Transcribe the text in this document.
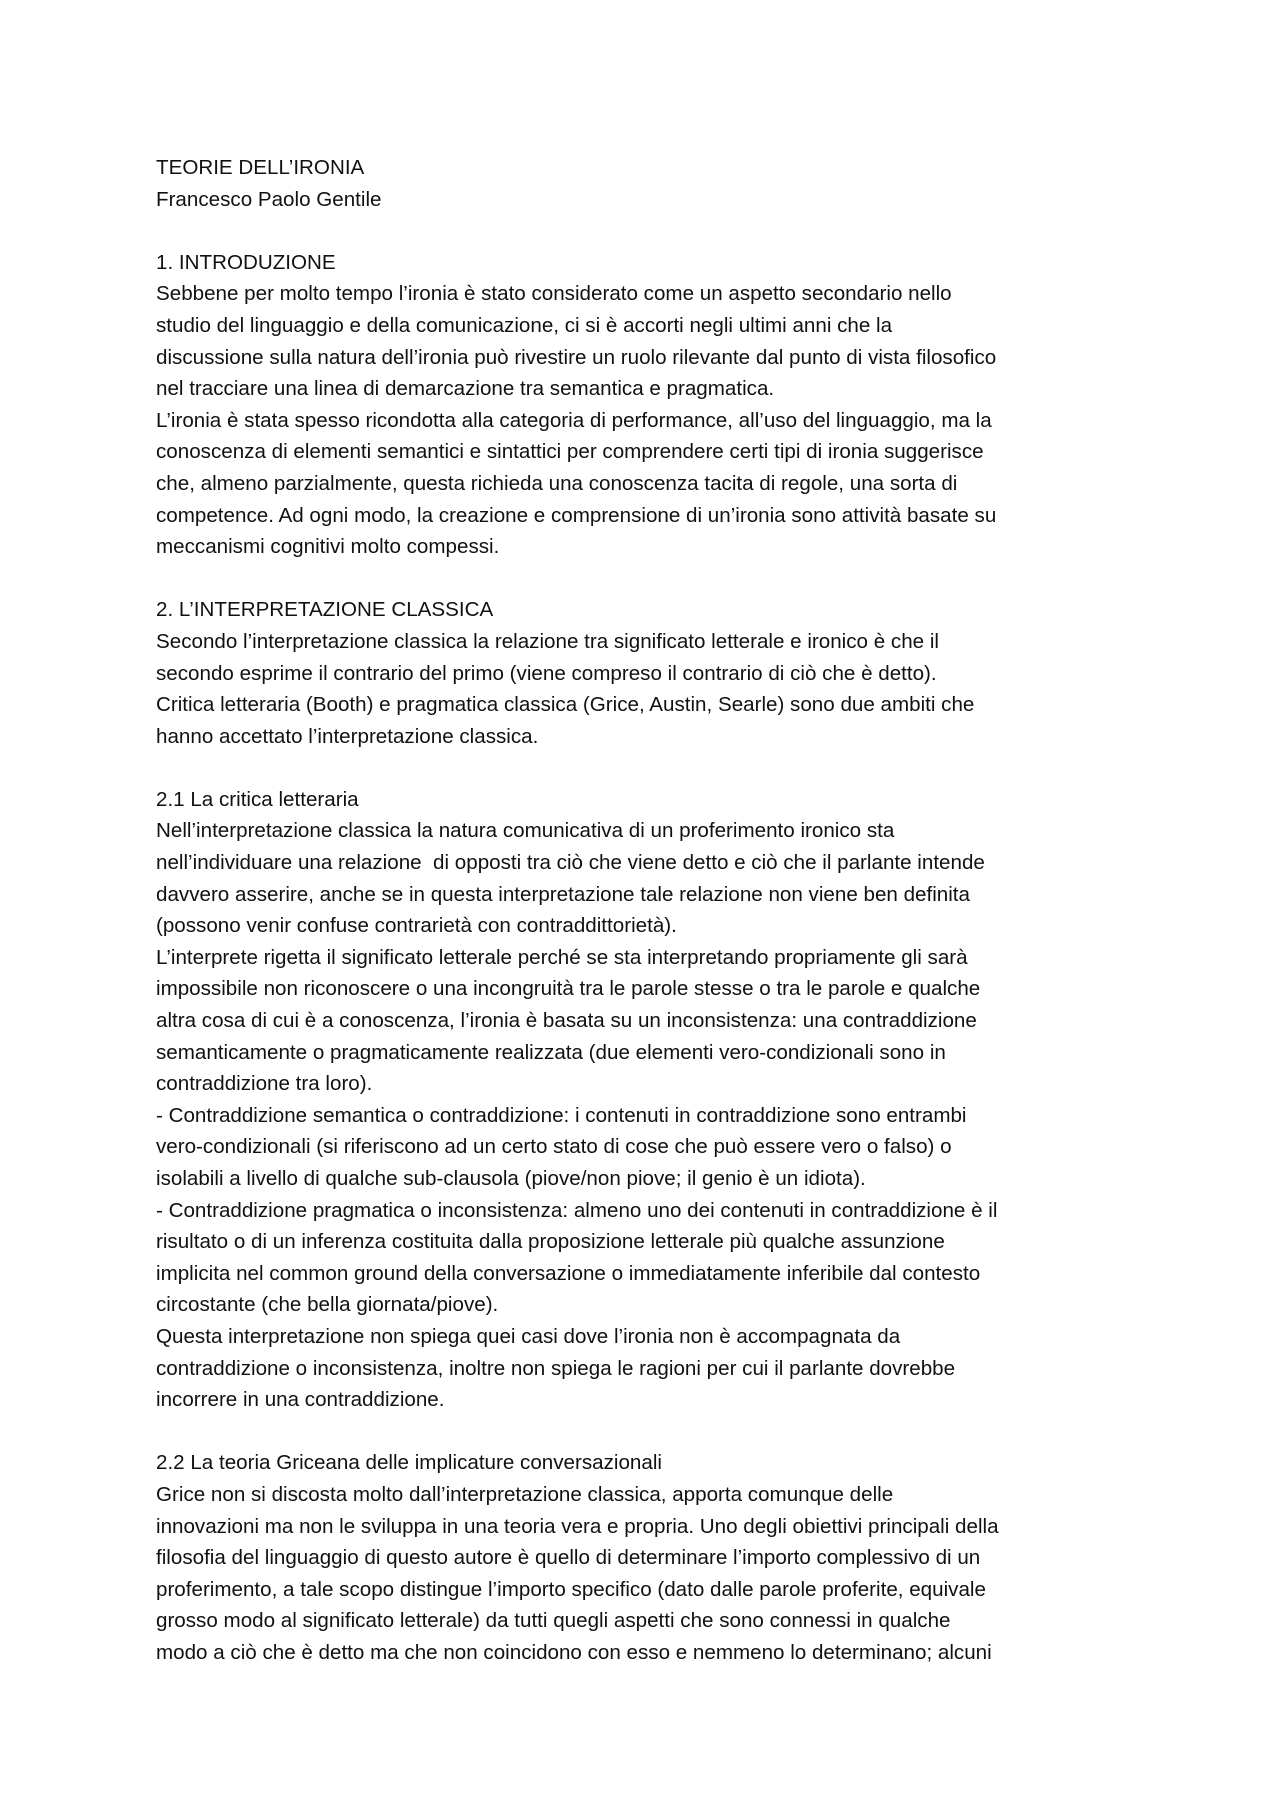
TEORIE DELL’IRONIA
Francesco Paolo Gentile
1. INTRODUZIONE
Sebbene per molto tempo l’ironia è stato considerato come un aspetto secondario nello
studio del linguaggio e della comunicazione, ci si è accorti negli ultimi anni che la
discussione sulla natura dell’ironia può rivestire un ruolo rilevante dal punto di vista filosofico
nel tracciare una linea di demarcazione tra semantica e pragmatica.
L’ironia è stata spesso ricondotta alla categoria di performance, all’uso del linguaggio, ma la
conoscenza di elementi semantici e sintattici per comprendere certi tipi di ironia suggerisce
che, almeno parzialmente, questa richieda una conoscenza tacita di regole, una sorta di
competence. Ad ogni modo, la creazione e comprensione di un’ironia sono attività basate su
meccanismi cognitivi molto compessi.
2. L’INTERPRETAZIONE CLASSICA
Secondo l’interpretazione classica la relazione tra significato letterale e ironico è che il
secondo esprime il contrario del primo (viene compreso il contrario di ciò che è detto).
Critica letteraria (Booth) e pragmatica classica (Grice, Austin, Searle) sono due ambiti che
hanno accettato l’interpretazione classica.
2.1 La critica letteraria
Nell’interpretazione classica la natura comunicativa di un proferimento ironico sta
nell’individuare una relazione  di opposti tra ciò che viene detto e ciò che il parlante intende
davvero asserire, anche se in questa interpretazione tale relazione non viene ben definita
(possono venir confuse contrarietà con contraddittorietà).
L’interprete rigetta il significato letterale perché se sta interpretando propriamente gli sarà
impossibile non riconoscere o una incongruità tra le parole stesse o tra le parole e qualche
altra cosa di cui è a conoscenza, l’ironia è basata su un inconsistenza: una contraddizione
semanticamente o pragmaticamente realizzata (due elementi vero-condizionali sono in
contraddizione tra loro).
- Contraddizione semantica o contraddizione: i contenuti in contraddizione sono entrambi
vero-condizionali (si riferiscono ad un certo stato di cose che può essere vero o falso) o
isolabili a livello di qualche sub-clausola (piove/non piove; il genio è un idiota).
- Contraddizione pragmatica o inconsistenza: almeno uno dei contenuti in contraddizione è il
risultato o di un inferenza costituita dalla proposizione letterale più qualche assunzione
implicita nel common ground della conversazione o immediatamente inferibile dal contesto
circostante (che bella giornata/piove).
Questa interpretazione non spiega quei casi dove l’ironia non è accompagnata da
contraddizione o inconsistenza, inoltre non spiega le ragioni per cui il parlante dovrebbe
incorrere in una contraddizione.
2.2 La teoria Griceana delle implicature conversazionali
Grice non si discosta molto dall’interpretazione classica, apporta comunque delle
innovazioni ma non le sviluppa in una teoria vera e propria. Uno degli obiettivi principali della
filosofia del linguaggio di questo autore è quello di determinare l’importo complessivo di un
proferimento, a tale scopo distingue l’importo specifico (dato dalle parole proferite, equivale
grosso modo al significato letterale) da tutti quegli aspetti che sono connessi in qualche
modo a ciò che è detto ma che non coincidono con esso e nemmeno lo determinano; alcuni
